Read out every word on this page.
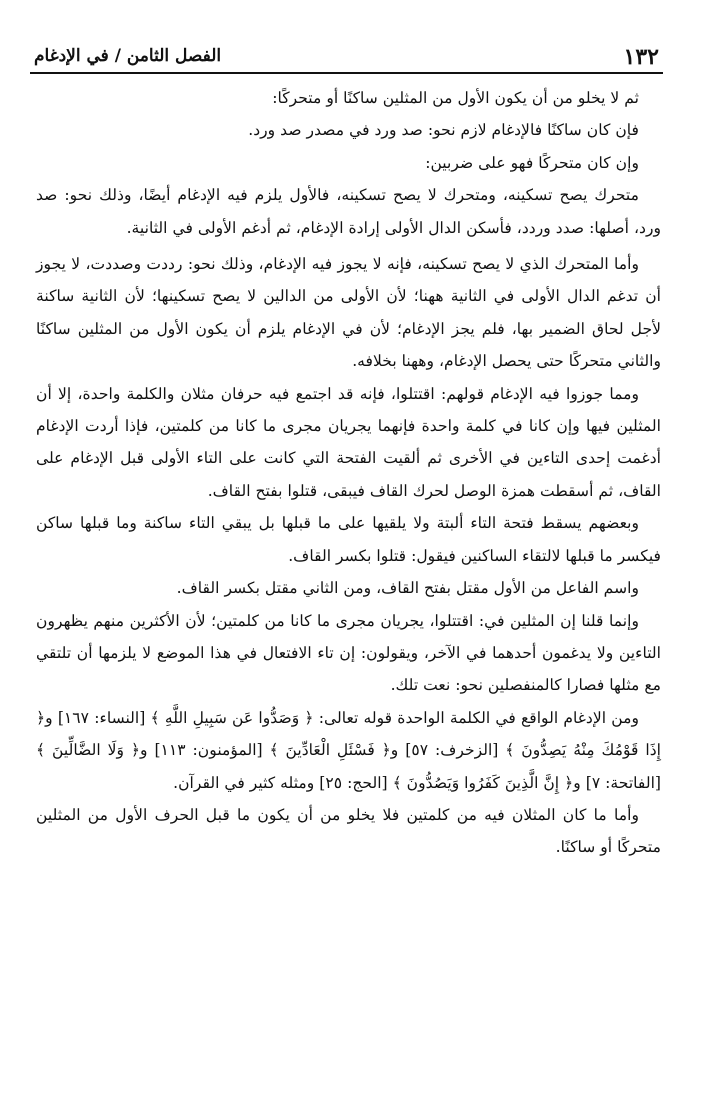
١٣٢
الفصل الثامن / في الإدغام

ثم لا يخلو من أن يكون الأول من المثلين ساكنًا أو متحركًا:

فإن كان ساكنًا فالإدغام لازم نحو: صد ورد في مصدر صد ورد.

وإن كان متحركًا فهو على ضربين:

متحرك يصح تسكينه، ومتحرك لا يصح تسكينه، فالأول يلزم فيه الإدغام أيضًا، وذلك نحو: صد ورد، أصلها: صدد وردد، فأسكن الدال الأولى إرادة الإدغام، ثم أدغم الأولى في الثانية.

وأما المتحرك الذي لا يصح تسكينه، فإنه لا يجوز فيه الإدغام، وذلك نحو: رددت وصددت، لا يجوز أن تدغم الدال الأولى في الثانية ههنا؛ لأن الأولى من الدالين لا يصح تسكينها؛ لأن الثانية ساكنة لأجل لحاق الضمير بها، فلم يجز الإدغام؛ لأن في الإدغام يلزم أن يكون الأول من المثلين ساكنًا والثاني متحركًا حتى يحصل الإدغام، وههنا بخلافه.

ومما جوزوا فيه الإدغام قولهم: اقتتلوا، فإنه قد اجتمع فيه حرفان مثلان والكلمة واحدة، إلا أن المثلين فيها وإن كانا في كلمة واحدة فإنهما يجريان مجرى ما كانا من كلمتين، فإذا أردت الإدغام أدغمت إحدى التاءين في الأخرى ثم ألقيت الفتحة التي كانت على التاء الأولى قبل الإدغام على القاف، ثم أسقطت همزة الوصل لحرك القاف فيبقى، قتلوا بفتح القاف.

وبعضهم يسقط فتحة التاء ألبتة ولا يلقيها على ما قبلها بل يبقي التاء ساكنة وما قبلها ساكن فيكسر ما قبلها لالتقاء الساكنين فيقول: قتلوا بكسر القاف.

واسم الفاعل من الأول مقتل بفتح القاف، ومن الثاني مقتل بكسر القاف.

وإنما قلنا إن المثلين في: اقتتلوا، يجريان مجرى ما كانا من كلمتين؛ لأن الأكثرين منهم يظهرون التاءين ولا يدغمون أحدهما في الآخر، ويقولون: إن تاء الافتعال في هذا الموضع لا يلزمها أن تلتقي مع مثلها فصارا كالمنفصلين نحو: نعت تلك.

ومن الإدغام الواقع في الكلمة الواحدة قوله تعالى: ﴿ وَصَدُّوا عَن سَبِيلِ اللَّهِ ﴾ [النساء: ١٦٧] و﴿ إِذَا قَوْمُكَ مِنْهُ يَصِدُّونَ ﴾ [الزخرف: ٥٧] و﴿ فَسْئَلِ الْعَادِّينَ ﴾ [المؤمنون: ١١٣] و﴿ وَلَا الضَّالِّينَ ﴾ [الفاتحة: ٧] و﴿ إِنَّ الَّذِينَ كَفَرُوا وَيَصُدُّونَ ﴾ [الحج: ٢٥] ومثله كثير في القرآن.

وأما ما كان المثلان فيه من كلمتين فلا يخلو من أن يكون ما قبل الحرف الأول من المثلين متحركًا أو ساكنًا.
